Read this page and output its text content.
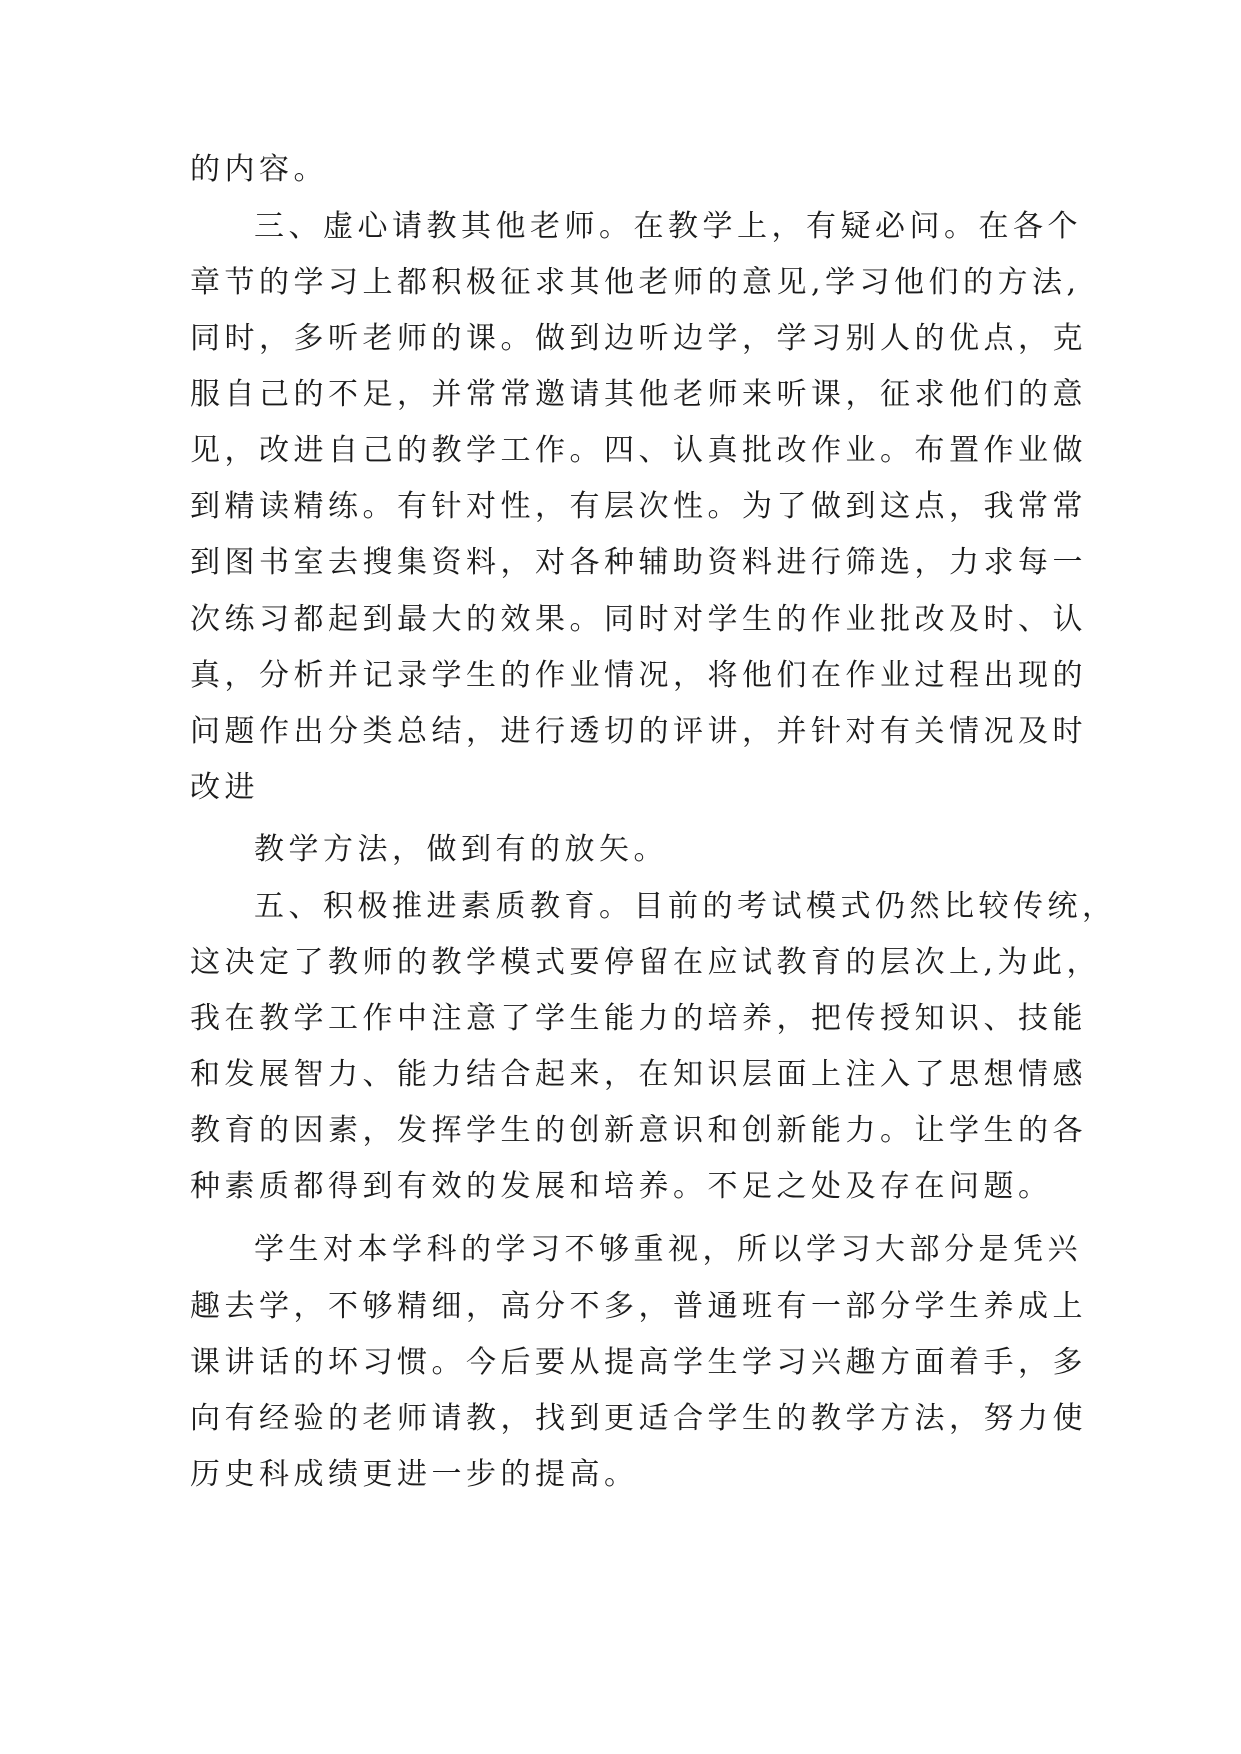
的内容。
三、虚心请教其他老师。在教学上，有疑必问。在各个
章节的学习上都积极征求其他老师的意见,学习他们的方法,
同时，多听老师的课。做到边听边学，学习别人的优点，克
服自己的不足，并常常邀请其他老师来听课，征求他们的意
见，改进自己的教学工作。四、认真批改作业。布置作业做
到精读精练。有针对性，有层次性。为了做到这点，我常常
到图书室去搜集资料，对各种辅助资料进行筛选，力求每一
次练习都起到最大的效果。同时对学生的作业批改及时、认
真，分析并记录学生的作业情况，将他们在作业过程出现的
问题作出分类总结，进行透切的评讲，并针对有关情况及时
改进
教学方法，做到有的放矢。
五、积极推进素质教育。目前的考试模式仍然比较传统，
这决定了教师的教学模式要停留在应试教育的层次上,为此，
我在教学工作中注意了学生能力的培养，把传授知识、技能
和发展智力、能力结合起来，在知识层面上注入了思想情感
教育的因素，发挥学生的创新意识和创新能力。让学生的各
种素质都得到有效的发展和培养。不足之处及存在问题。
学生对本学科的学习不够重视，所以学习大部分是凭兴
趣去学，不够精细，高分不多，普通班有一部分学生养成上
课讲话的坏习惯。今后要从提高学生学习兴趣方面着手，多
向有经验的老师请教，找到更适合学生的教学方法，努力使
历史科成绩更进一步的提高。
